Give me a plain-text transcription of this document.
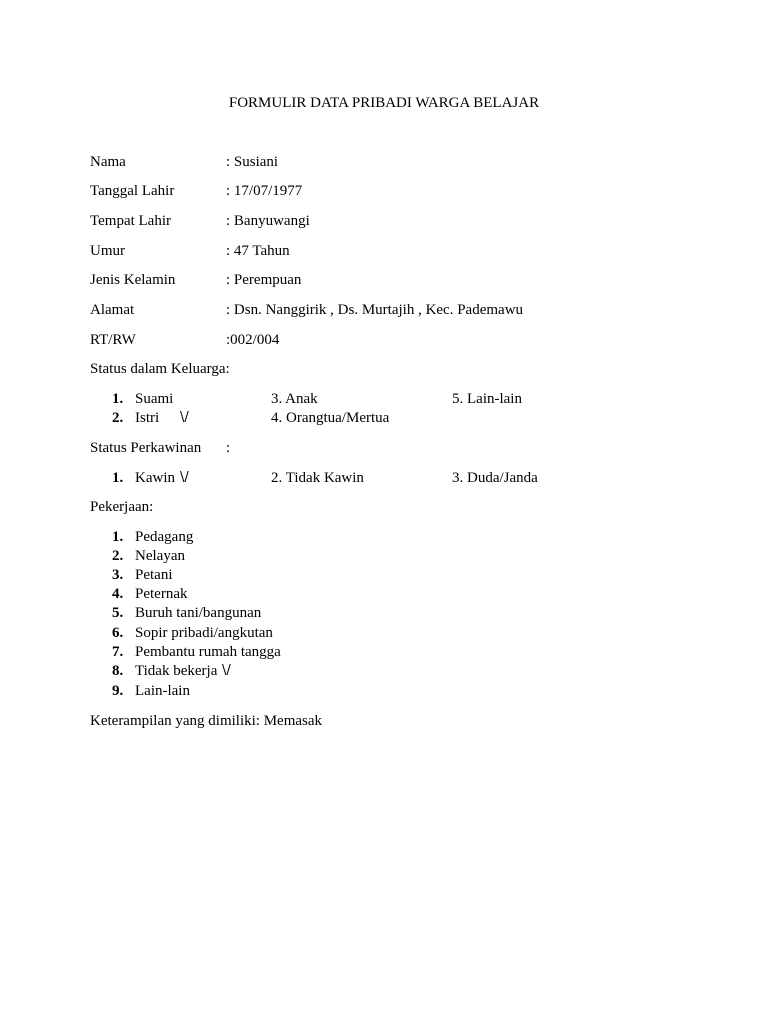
FORMULIR DATA PRIBADI WARGA BELAJAR
Nama	: Susiani
Tanggal Lahir	: 17/07/1977
Tempat Lahir	: Banyuwangi
Umur	: 47 Tahun
Jenis Kelamin	: Perempuan
Alamat	: Dsn. Nanggirik , Ds. Murtajih , Kec. Pademawu
RT/RW	:002/004
Status dalam Keluarga:
1. Suami	3. Anak	5. Lain-lain
2. Istri \/	4. Orangtua/Mertua
Status Perkawinan :
1. Kawin \/	2. Tidak Kawin	3. Duda/Janda
Pekerjaan:
1. Pedagang
2. Nelayan
3. Petani
4. Peternak
5. Buruh tani/bangunan
6. Sopir pribadi/angkutan
7. Pembantu rumah tangga
8. Tidak bekerja \/
9. Lain-lain
Keterampilan yang dimiliki: Memasak
